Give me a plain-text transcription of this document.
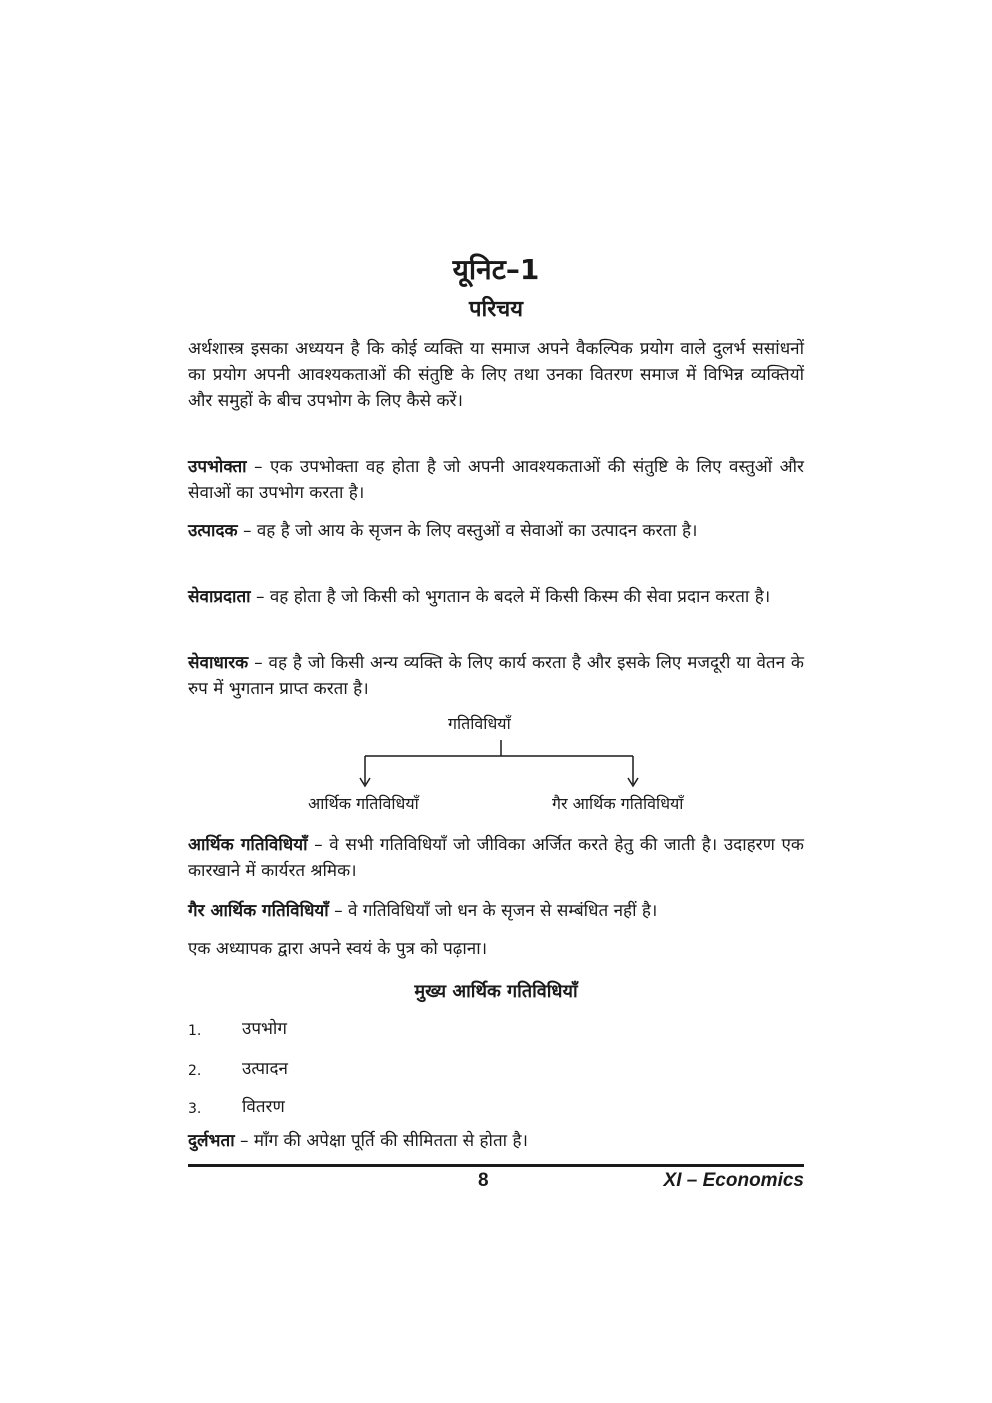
यूनिट–1
परिचय

अर्थशास्त्र इसका अध्ययन है कि कोई व्यक्ति या समाज अपने वैकल्पिक प्रयोग वाले दुलर्भ ससांधनों का प्रयोग अपनी आवश्यकताओं की संतुष्टि के लिए तथा उनका वितरण समाज में विभिन्न व्यक्तियों और समुहों के बीच उपभोग के लिए कैसे करें।

उपभोक्ता – एक उपभोक्ता वह होता है जो अपनी आवश्यकताओं की संतुष्टि के लिए वस्तुओं और सेवाओं का उपभोग करता है।

उत्पादक – वह है जो आय के सृजन के लिए वस्तुओं व सेवाओं का उत्पादन करता है।

सेवाप्रदाता – वह होता है जो किसी को भुगतान के बदले में किसी किस्म की सेवा प्रदान करता है।

सेवाधारक – वह है जो किसी अन्य व्यक्ति के लिए कार्य करता है और इसके लिए मजदूरी या वेतन के रुप में भुगतान प्राप्त करता है।

गतिविधियाँ
आर्थिक गतिविधियाँ	गैर आर्थिक गतिविधियाँ

आर्थिक गतिविधियाँ – वे सभी गतिविधियाँ जो जीविका अर्जित करते हेतु की जाती है। उदाहरण एक कारखाने में कार्यरत श्रमिक।

गैर आर्थिक गतिविधियाँ – वे गतिविधियाँ जो धन के सृजन से सम्बंधित नहीं है।

एक अध्यापक द्वारा अपने स्वयं के पुत्र को पढ़ाना।

मुख्य आर्थिक गतिविधियाँ
1. उपभोग
2. उत्पादन
3. वितरण

दुर्लभता – माँग की अपेक्षा पूर्ति की सीमितता से होता है।

8	XI – Economics
